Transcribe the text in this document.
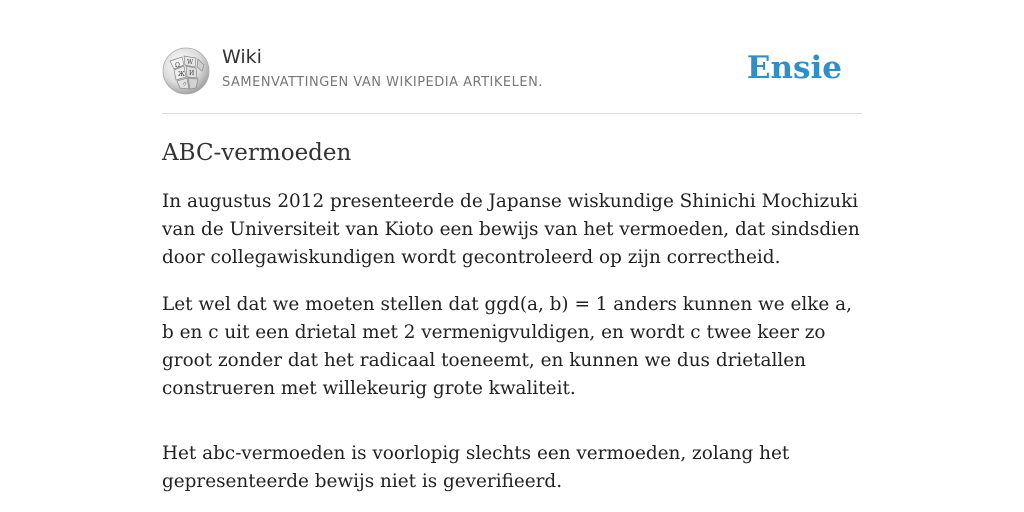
Ω W
Ж И
ウ
Wiki
SAMENVATTINGEN VAN WIKIPEDIA ARTIKELEN.	Ensie
ABC-vermoeden

In augustus 2012 presenteerde de Japanse wiskundige Shinichi Mochizuki van de Universiteit van Kioto een bewijs van het vermoeden, dat sindsdien door collegawiskundigen wordt gecontroleerd op zijn correctheid.

Let wel dat we moeten stellen dat ggd(a, b) = 1 anders kunnen we elke a, b en c uit een drietal met 2 vermenigvuldigen, en wordt c twee keer zo groot zonder dat het radicaal toeneemt, en kunnen we dus drietallen construeren met willekeurig grote kwaliteit.

Het abc-vermoeden is voorlopig slechts een vermoeden, zolang het gepresenteerde bewijs niet is geverifieerd.
